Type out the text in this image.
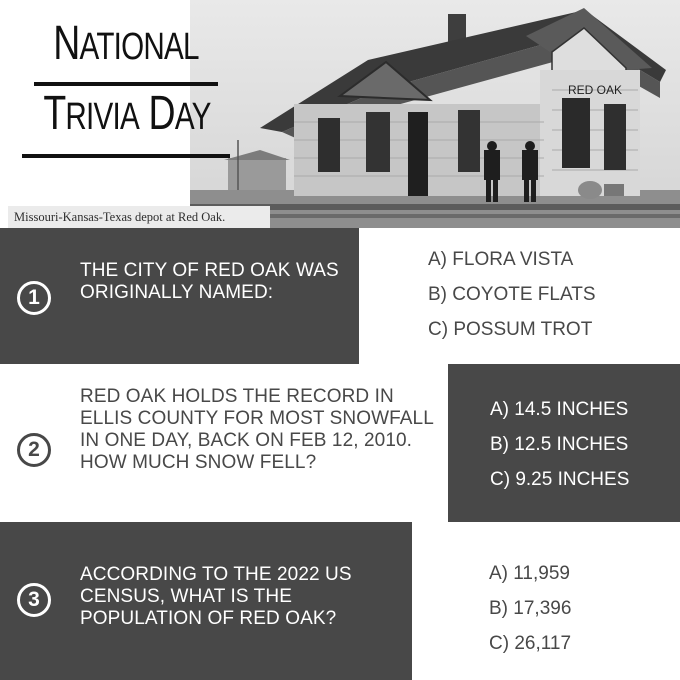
RED OAK
Missouri-Kansas-Texas depot at Red Oak.
NATIONAL
TRIVIA DAY
1
THE CITY OF RED OAK WAS ORIGINALLY NAMED:
A) FLORA VISTA
B) COYOTE FLATS
C) POSSUM TROT
2
RED OAK HOLDS THE RECORD IN ELLIS COUNTY FOR MOST SNOWFALL IN ONE DAY, BACK ON FEB 12, 2010. HOW MUCH SNOW FELL?
A) 14.5 INCHES
B) 12.5 INCHES
C) 9.25 INCHES
3
ACCORDING TO THE 2022 US CENSUS, WHAT IS THE POPULATION OF RED OAK?
A) 11,959
B) 17,396
C) 26,117
